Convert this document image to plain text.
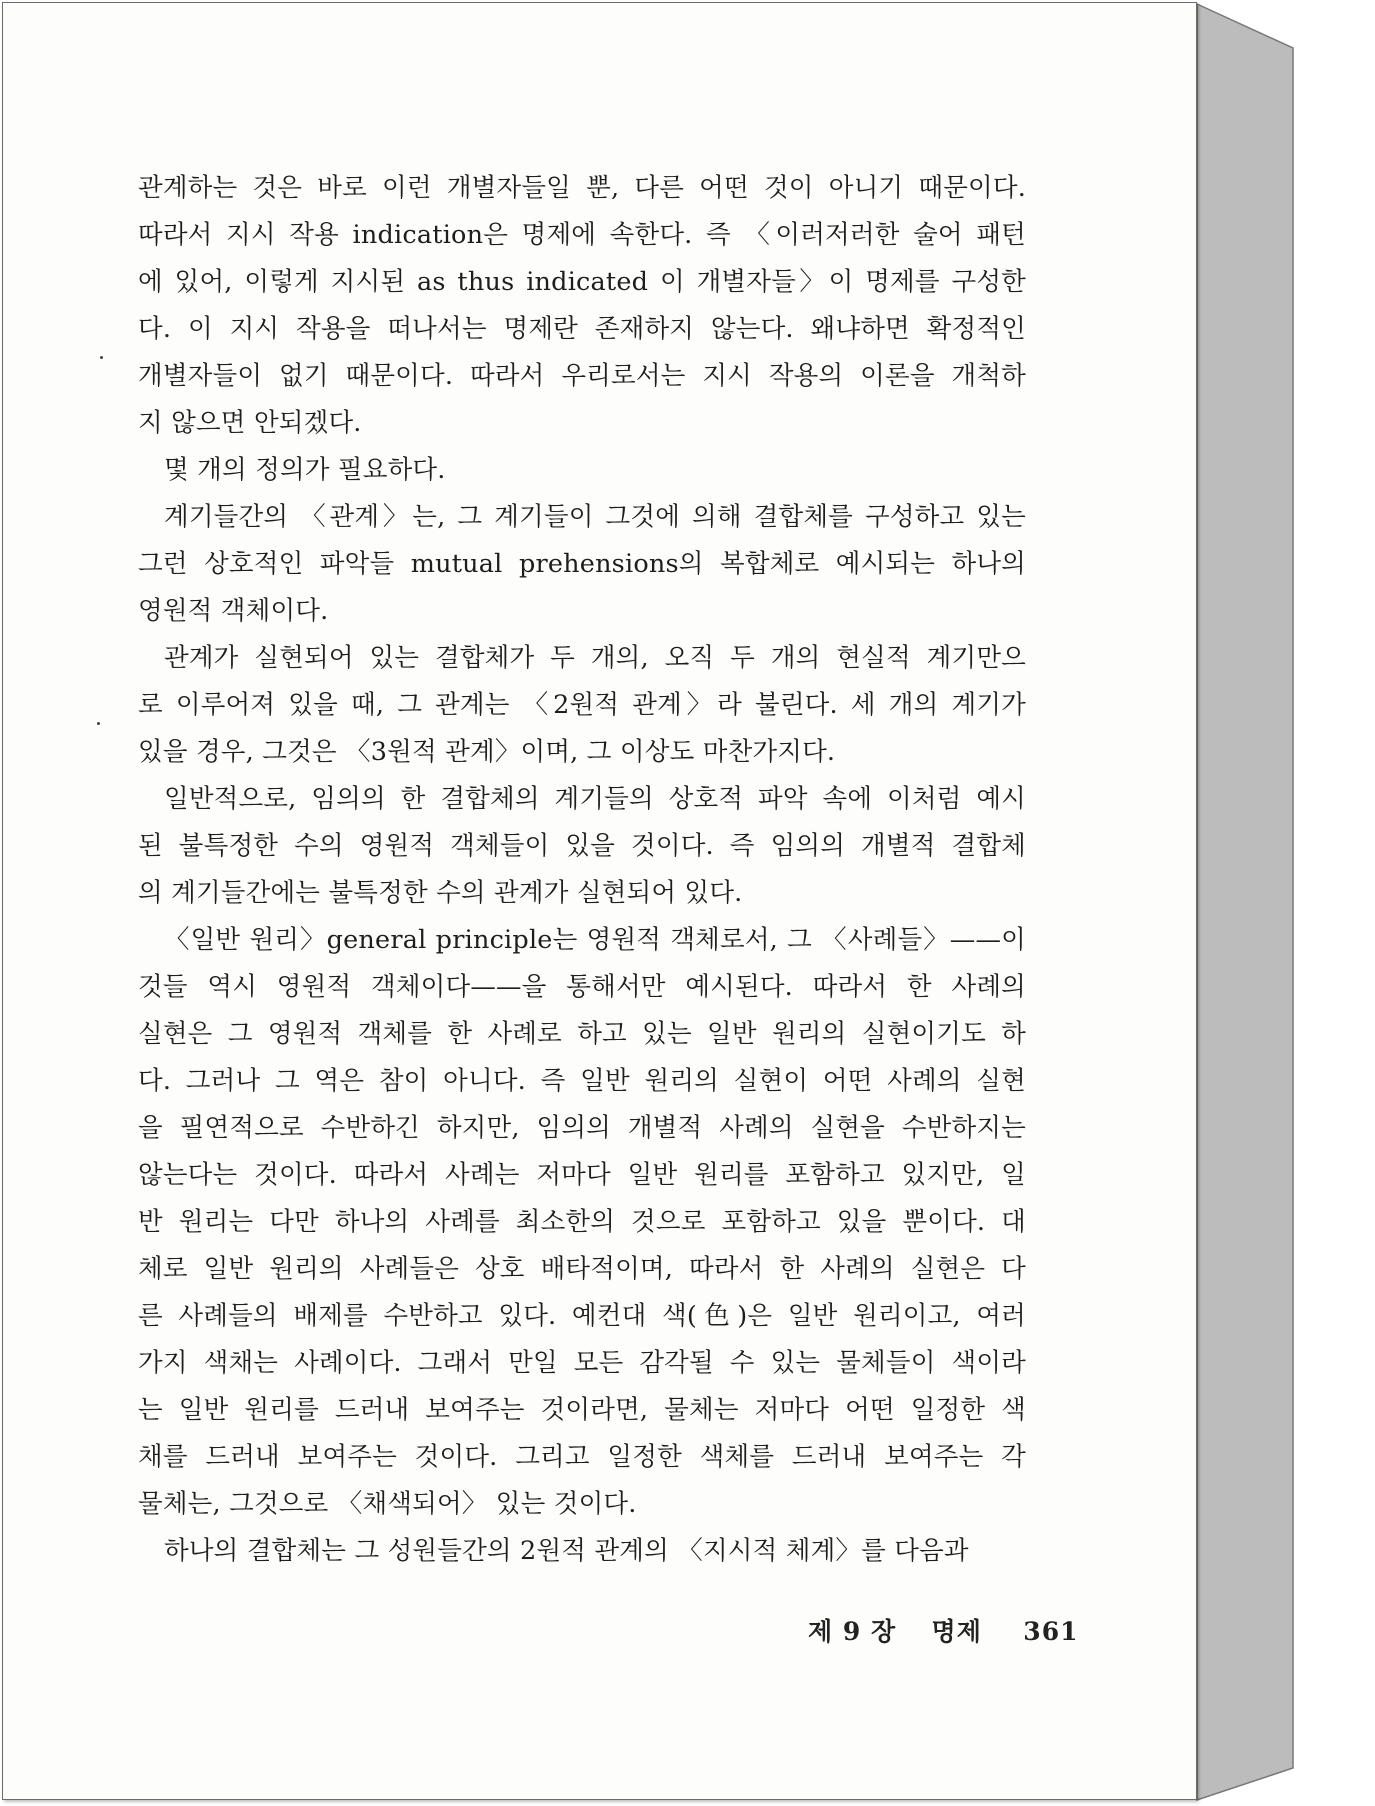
관계하는 것은 바로 이런 개별자들일 뿐, 다른 어떤 것이 아니기 때문이다.
따라서 지시 작용 indication은 명제에 속한다. 즉 〈이러저러한 술어 패턴
에 있어, 이렇게 지시된 as thus indicated 이 개별자들〉이 명제를 구성한
다. 이 지시 작용을 떠나서는 명제란 존재하지 않는다. 왜냐하면 확정적인
개별자들이 없기 때문이다. 따라서 우리로서는 지시 작용의 이론을 개척하
지 않으면 안되겠다.
몇 개의 정의가 필요하다.
계기들간의 〈관계〉는, 그 계기들이 그것에 의해 결합체를 구성하고 있는
그런 상호적인 파악들 mutual prehensions의 복합체로 예시되는 하나의
영원적 객체이다.
관계가 실현되어 있는 결합체가 두 개의, 오직 두 개의 현실적 계기만으
로 이루어져 있을 때, 그 관계는 〈2원적 관계〉라 불린다. 세 개의 계기가
있을 경우, 그것은 〈3원적 관계〉이며, 그 이상도 마찬가지다.
일반적으로, 임의의 한 결합체의 계기들의 상호적 파악 속에 이처럼 예시
된 불특정한 수의 영원적 객체들이 있을 것이다. 즉 임의의 개별적 결합체
의 계기들간에는 불특정한 수의 관계가 실현되어 있다.
〈일반 원리〉general principle는 영원적 객체로서, 그 〈사례들〉——이
것들 역시 영원적 객체이다——을 통해서만 예시된다. 따라서 한 사례의
실현은 그 영원적 객체를 한 사례로 하고 있는 일반 원리의 실현이기도 하
다. 그러나 그 역은 참이 아니다. 즉 일반 원리의 실현이 어떤 사례의 실현
을 필연적으로 수반하긴 하지만, 임의의 개별적 사례의 실현을 수반하지는
않는다는 것이다. 따라서 사례는 저마다 일반 원리를 포함하고 있지만, 일
반 원리는 다만 하나의 사례를 최소한의 것으로 포함하고 있을 뿐이다. 대
체로 일반 원리의 사례들은 상호 배타적이며, 따라서 한 사례의 실현은 다
른 사례들의 배제를 수반하고 있다. 예컨대 색(色)은 일반 원리이고, 여러
가지 색채는 사례이다. 그래서 만일 모든 감각될 수 있는 물체들이 색이라
는 일반 원리를 드러내 보여주는 것이라면, 물체는 저마다 어떤 일정한 색
채를 드러내 보여주는 것이다. 그리고 일정한 색체를 드러내 보여주는 각
물체는, 그것으로 〈채색되어〉 있는 것이다.
하나의 결합체는 그 성원들간의 2원적 관계의 〈지시적 체계〉를 다음과
제 9 장 명제 361
